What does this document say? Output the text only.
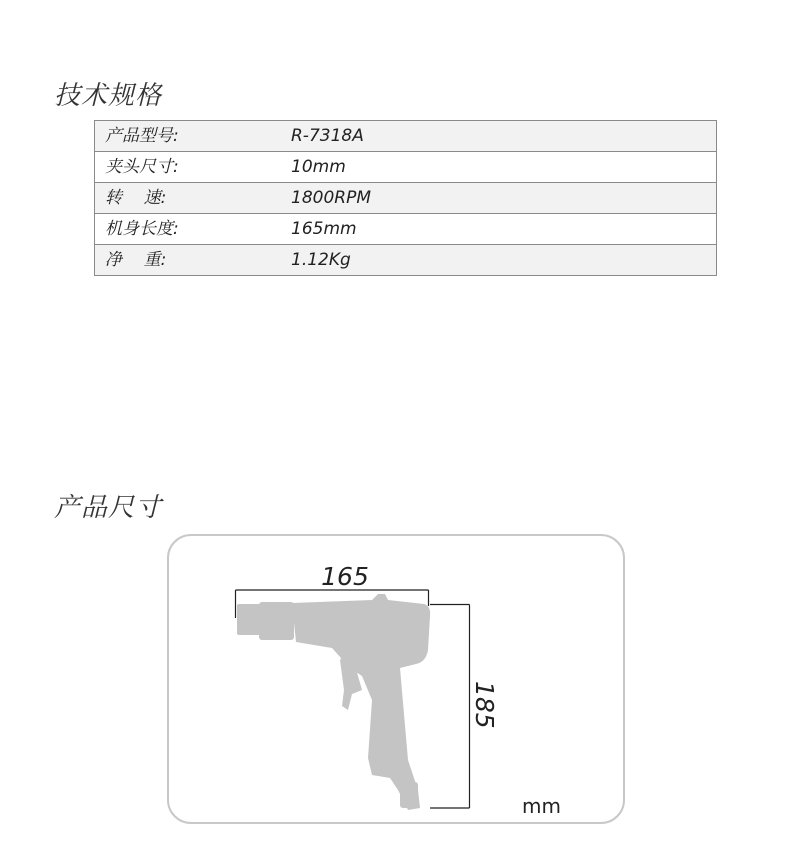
技术规格
产品型号:	R-7318A

夹头尺寸:	10mm

转    速:	1800RPM

机身长度:	165mm

净    重:	1.12Kg
产品尺寸
165
185
mm
